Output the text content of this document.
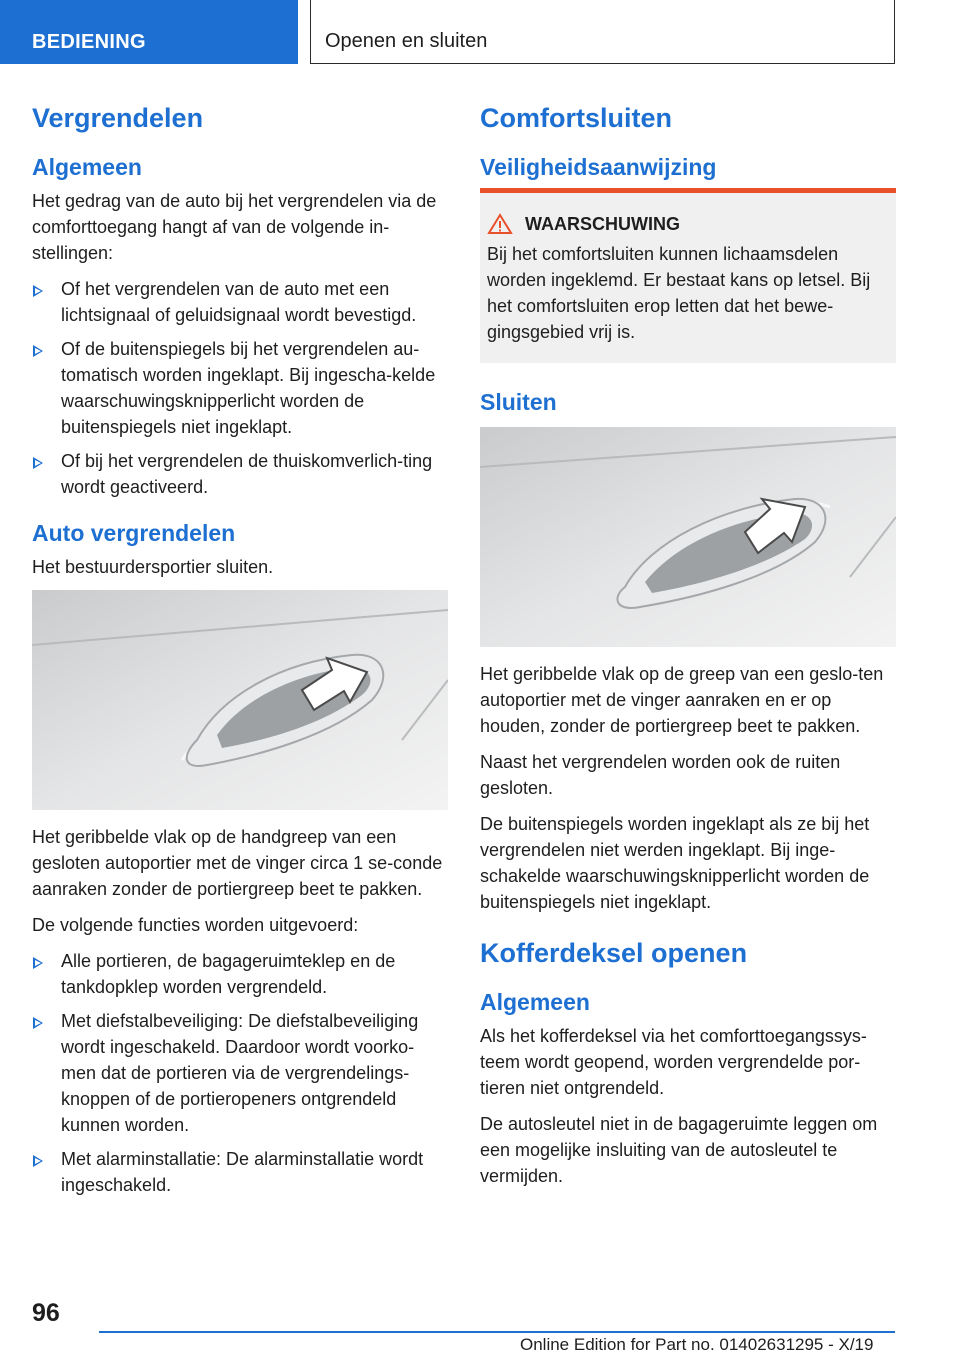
BEDIENING	Openen en sluiten
Vergrendelen
Algemeen

Het gedrag van de auto bij het vergrendelen via de comforttoegang hangt af van de volgende in-stellingen:

Of het vergrendelen van de auto met een lichtsignaal of geluidsignaal wordt bevestigd.
Of de buitenspiegels bij het vergrendelen au-tomatisch worden ingeklapt. Bij ingescha-kelde waarschuwingsknipperlicht worden de buitenspiegels niet ingeklapt.
Of bij het vergrendelen de thuiskomverlich-ting wordt geactiveerd.
Auto vergrendelen

Het bestuurdersportier sluiten.

Het geribbelde vlak op de handgreep van een gesloten autoportier met de vinger circa 1 se-conde aanraken zonder de portiergreep beet te pakken.

De volgende functies worden uitgevoerd:

Alle portieren, de bagageruimteklep en de tankdopklep worden vergrendeld.
Met diefstalbeveiliging: De diefstalbeveiliging wordt ingeschakeld. Daardoor wordt voorko-men dat de portieren via de vergrendelings-knoppen of de portieropeners ontgrendeld kunnen worden.
Met alarminstallatie: De alarminstallatie wordt ingeschakeld.
Comfortsluiten
Veiligheidsaanwijzing
WAARSCHUWING

Bij het comfortsluiten kunnen lichaamsdelen worden ingeklemd. Er bestaat kans op letsel. Bij het comfortsluiten erop letten dat het bewe-gingsgebied vrij is.

Sluiten

Het geribbelde vlak op de greep van een geslo-ten autoportier met de vinger aanraken en er op houden, zonder de portiergreep beet te pakken.

Naast het vergrendelen worden ook de ruiten gesloten.

De buitenspiegels worden ingeklapt als ze bij het vergrendelen niet werden ingeklapt. Bij inge-schakelde waarschuwingsknipperlicht worden de buitenspiegels niet ingeklapt.

Kofferdeksel openen
Algemeen

Als het kofferdeksel via het comforttoegangssys-teem wordt geopend, worden vergrendelde por-tieren niet ontgrendeld.

De autosleutel niet in de bagageruimte leggen om een mogelijke insluiting van de autosleutel te vermijden.

96
Online Edition for Part no. 01402631295 - X/19
